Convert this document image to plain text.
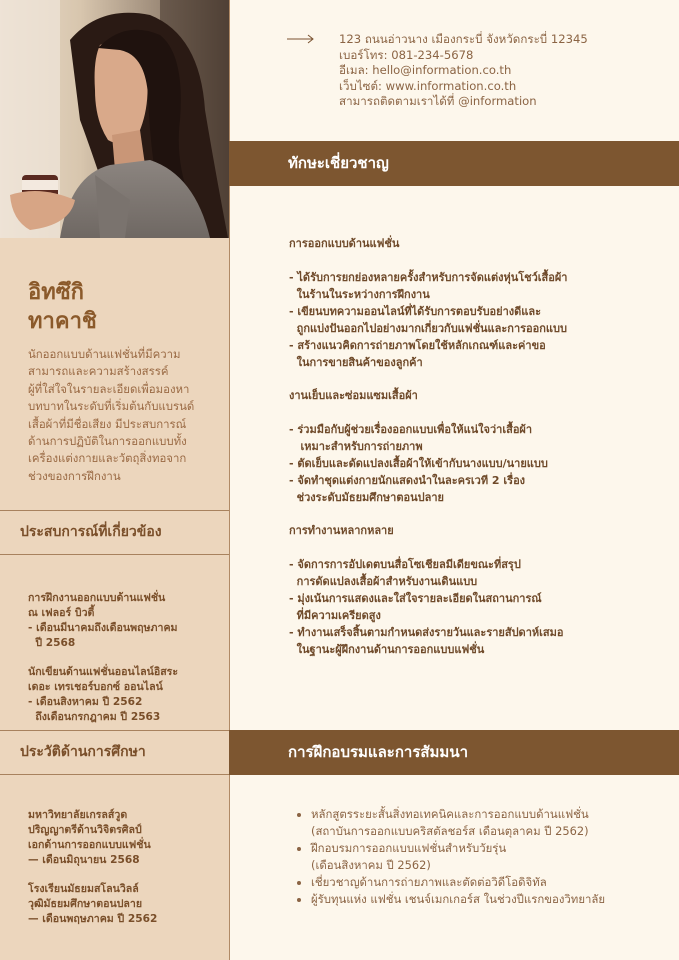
อิทซึกิ
ทาคาชิ
นักออกแบบด้านแฟชั่นที่มีความ
สามารถและความสร้างสรรค์
ผู้ที่ใส่ใจในรายละเอียดเพื่อมองหา
บทบาทในระดับที่เริ่มต้นกับแบรนด์
เสื้อผ้าที่มีชื่อเสียง มีประสบการณ์
ด้านการปฏิบัติในการออกแบบทั้ง
เครื่องแต่งกายและวัตถุสิ่งทอจาก
ช่วงของการฝึกงาน
ประสบการณ์ที่เกี่ยวข้อง
การฝึกงานออกแบบด้านแฟชั่น
ณ เฟลอร์ บิวตี้
- เดือนมีนาคมถึงเดือนพฤษภาคม
ปี 2568
นักเขียนด้านแฟชั่นออนไลน์อิสระ
เดอะ เทรเชอร์บอกซ์ ออนไลน์
- เดือนสิงหาคม ปี 2562
ถึงเดือนกรกฎาคม ปี 2563
ประวัติด้านการศึกษา
มหาวิทยาลัยเกรลส์วูด
ปริญญาตรีด้านวิจิตรศิลป์
เอกด้านการออกแบบแฟชั่น
— เดือนมิถุนายน 2568
โรงเรียนมัธยมสโลนวิลล์
วุฒิมัธยมศึกษาตอนปลาย
— เดือนพฤษภาคม ปี 2562
123 ถนนอ่าวนาง เมืองกระบี่ จังหวัดกระบี่ 12345
เบอร์โทร: 081-234-5678
อีเมล: hello@information.co.th
เว็บไซต์: www.information.co.th
สามารถติดตามเราได้ที่ @information
ทักษะเชี่ยวชาญ
การออกแบบด้านแฟชั่น
- ได้รับการยกย่องหลายครั้งสำหรับการจัดแต่งหุ่นโชว์เสื้อผ้า
ในร้านในระหว่างการฝึกงาน
- เขียนบทความออนไลน์ที่ได้รับการตอบรับอย่างดีและ
ถูกแบ่งปันออกไปอย่างมากเกี่ยวกับแฟชั่นและการออกแบบ
- สร้างแนวคิดการถ่ายภาพโดยใช้หลักเกณฑ์และค่าขอ
ในการขายสินค้าของลูกค้า
งานเย็บและซ่อมแซมเสื้อผ้า
- ร่วมมือกับผู้ช่วยเรื่องออกแบบเพื่อให้แน่ใจว่าเสื้อผ้า
เหมาะสำหรับการถ่ายภาพ
- ตัดเย็บและดัดแปลงเสื้อผ้าให้เข้ากับนางแบบ/นายแบบ
- จัดทำชุดแต่งกายนักแสดงนำในละครเวที 2 เรื่อง
ช่วงระดับมัธยมศึกษาตอนปลาย
การทำงานหลากหลาย
- จัดการการอัปเดตบนสื่อโซเชียลมีเดียขณะที่สรุป
การดัดแปลงเสื้อผ้าสำหรับงานเดินแบบ
- มุ่งเน้นการแสดงและใส่ใจรายละเอียดในสถานการณ์
ที่มีความเครียดสูง
- ทำงานเสร็จสิ้นตามกำหนดส่งรายวันและรายสัปดาห์เสมอ
ในฐานะผู้ฝึกงานด้านการออกแบบแฟชั่น
การฝึกอบรมและการสัมมนา
• หลักสูตรระยะสั้นสิ่งทอเทคนิคและการออกแบบด้านแฟชั่น
(สถาบันการออกแบบคริสตัลชอร์ส เดือนตุลาคม ปี 2562)
• ฝึกอบรมการออกแบบแฟชั่นสำหรับวัยรุ่น
(เดือนสิงหาคม ปี 2562)
• เชี่ยวชาญด้านการถ่ายภาพและตัดต่อวิดีโอดิจิทัล
• ผู้รับทุนแห่ง แฟชั่น เชนจ์เมกเกอร์ส ในช่วงปีแรกของวิทยาลัย
